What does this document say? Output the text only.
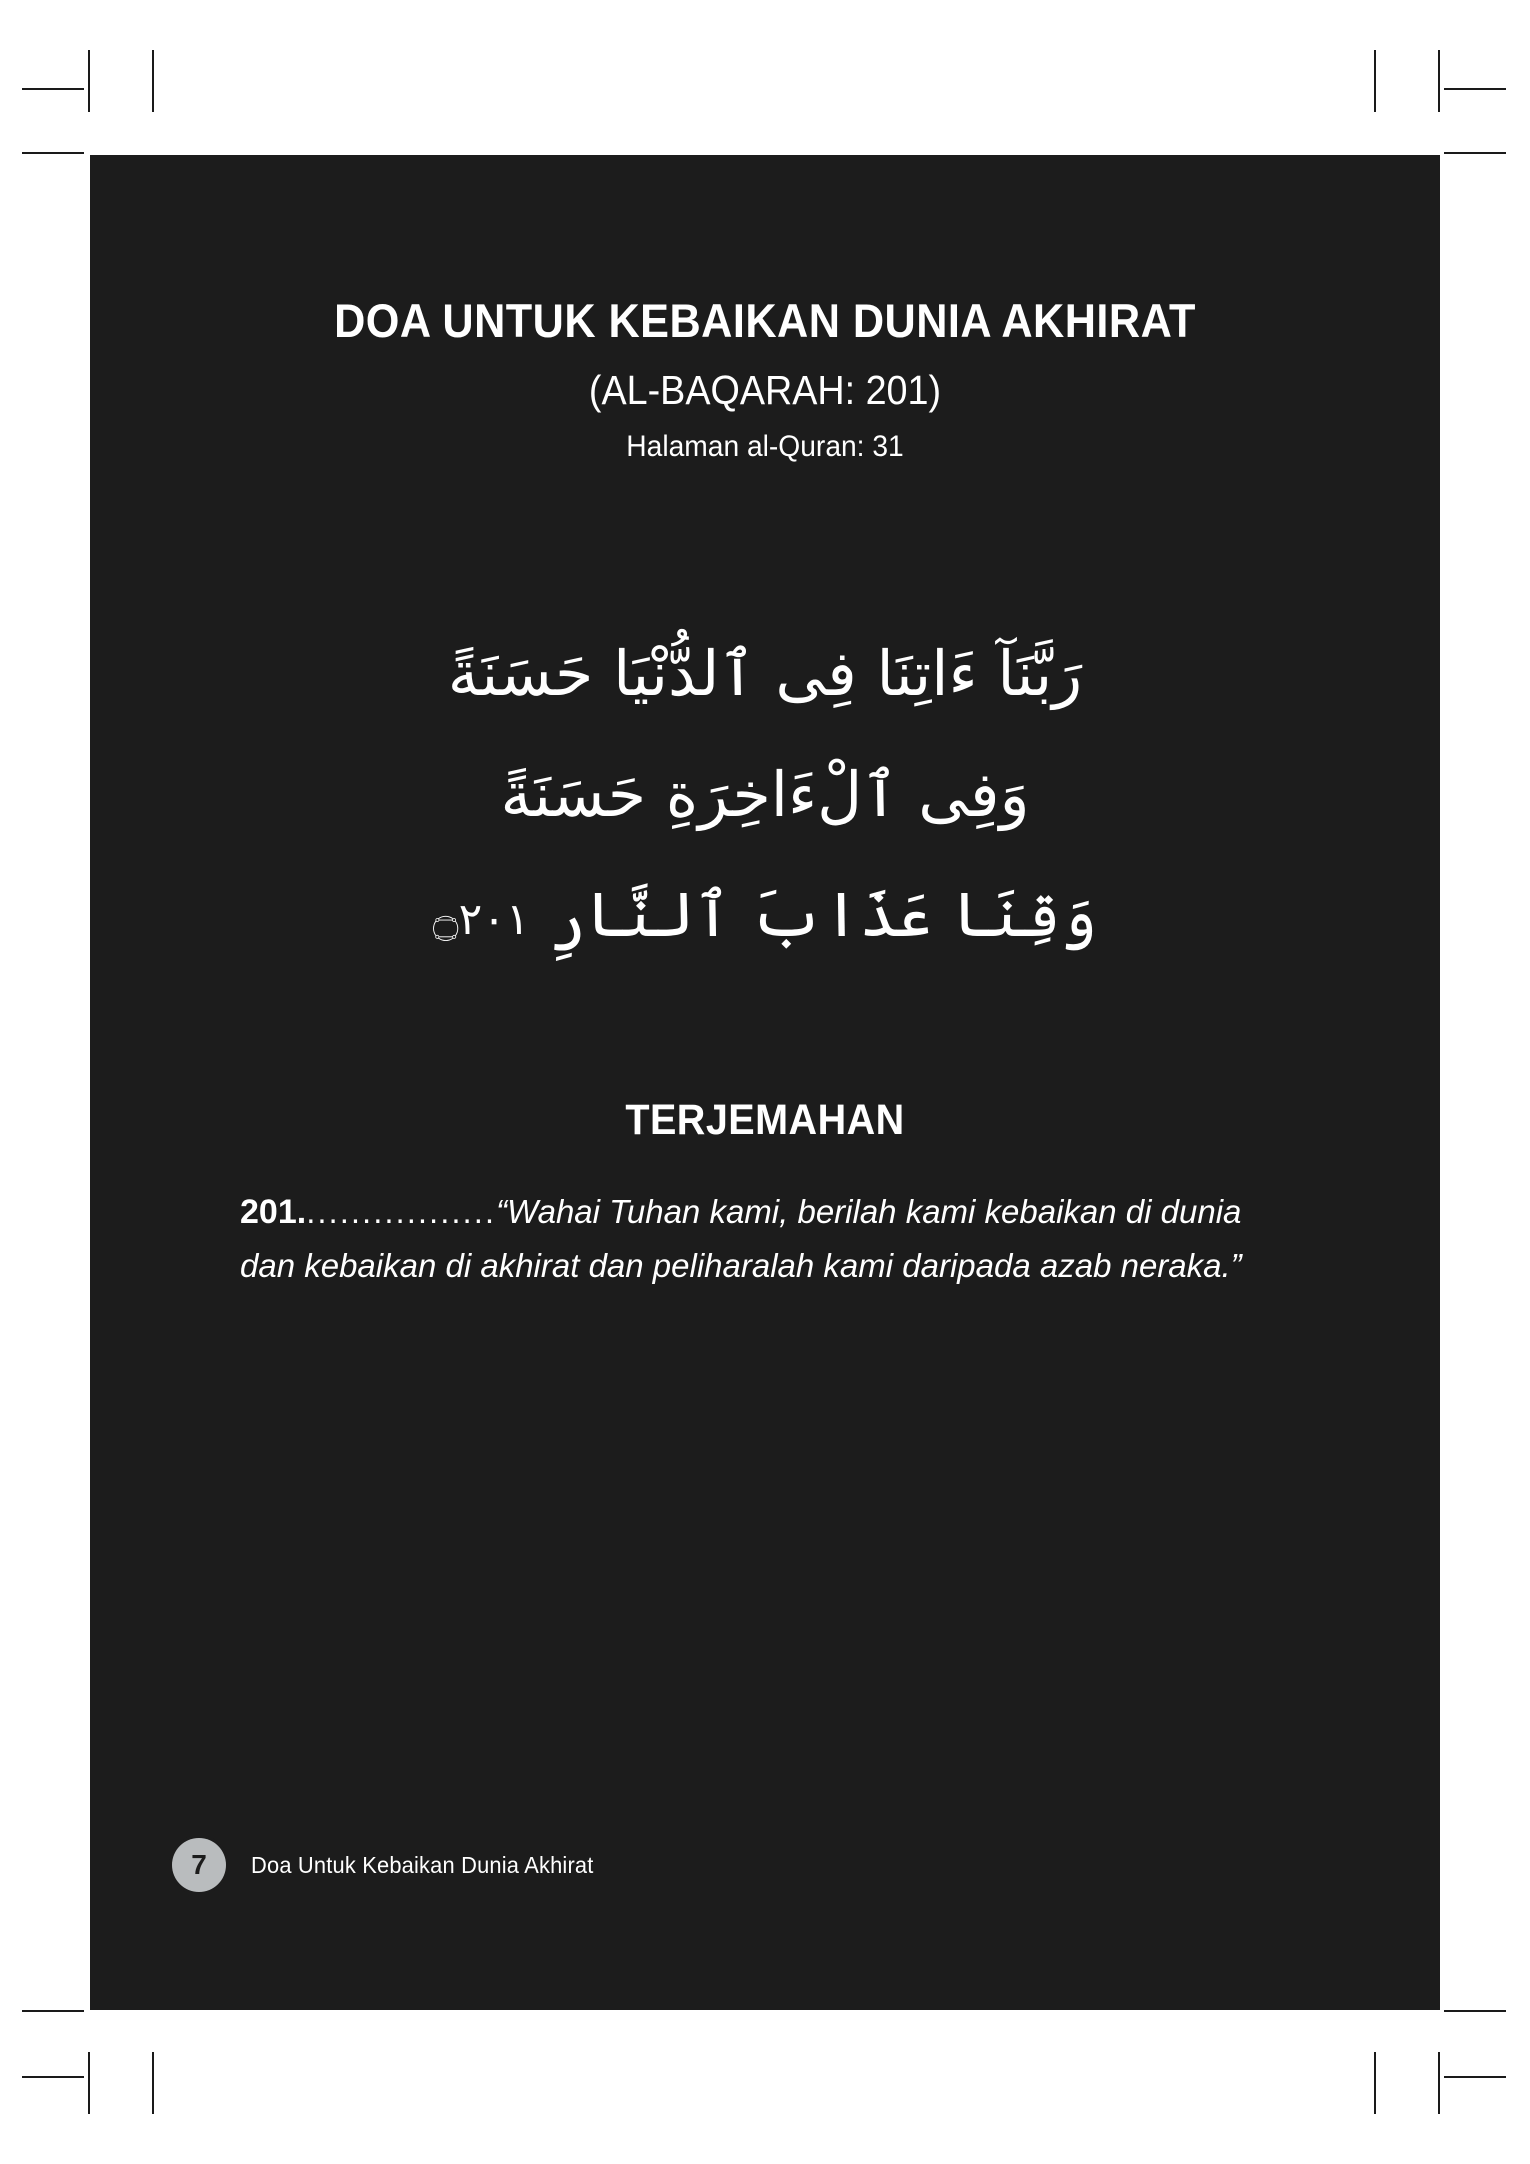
DOA UNTUK KEBAIKAN DUNIA AKHIRAT
(AL-BAQARAH: 201)
Halaman al-Quran: 31
رَبَّنَآ ءَاتِنَا فِى ٱلدُّنْيَا حَسَنَةً
وَفِى ٱلْءَاخِرَةِ حَسَنَةً
وَقِنَا عَذَابَ ٱلنَّارِ ۝٢٠١
TERJEMAHAN
201..................“Wahai Tuhan kami, berilah kami kebaikan di dunia dan kebaikan di akhirat dan peliharalah kami daripada azab neraka.”
7	Doa Untuk Kebaikan Dunia Akhirat
